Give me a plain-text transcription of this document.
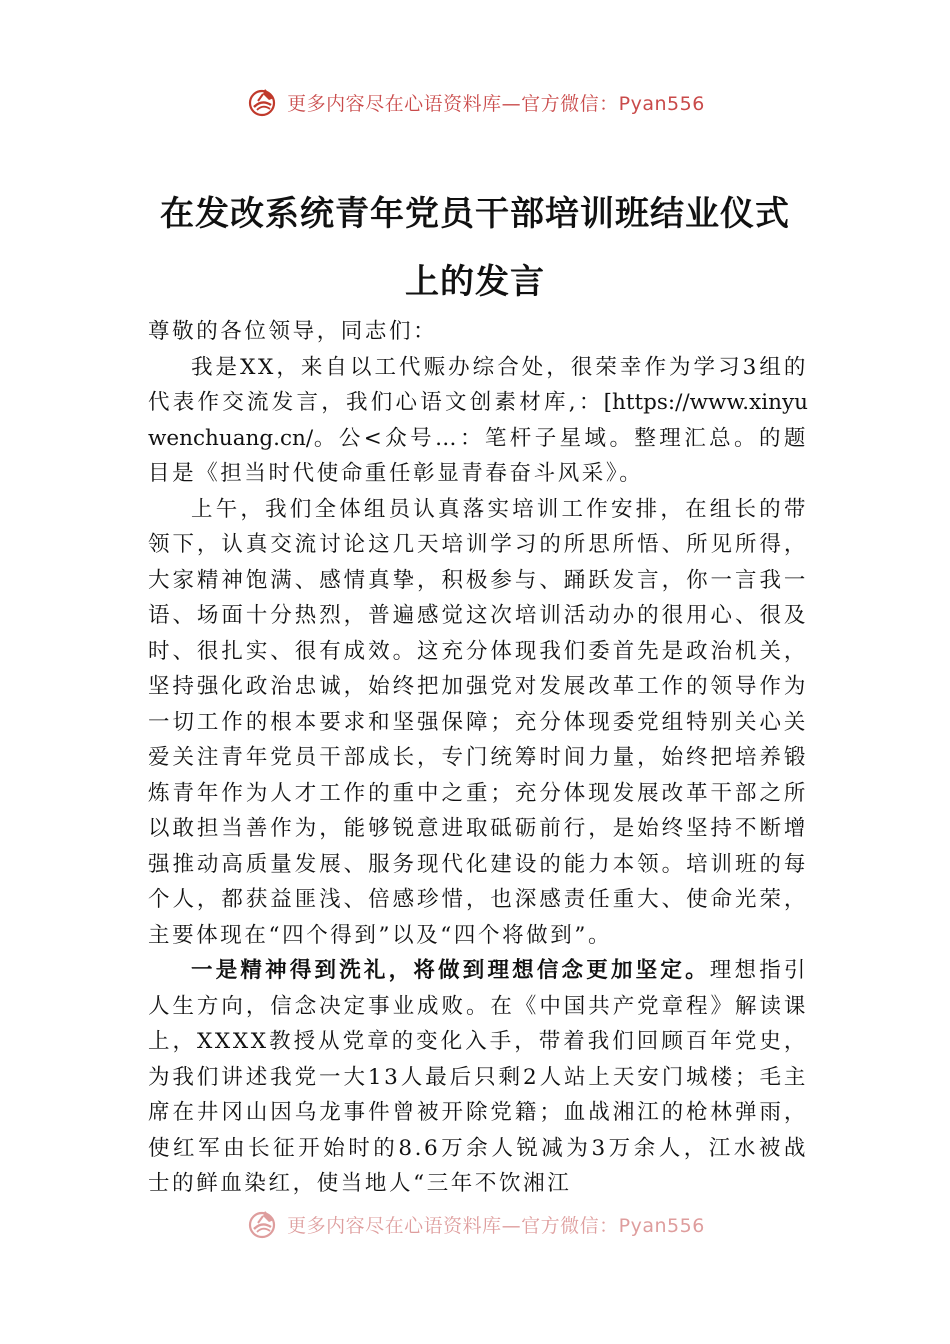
更多内容尽在心语资料库—官方微信：Pyan556
在发改系统青年党员干部培训班结业仪式
上的发言

尊敬的各位领导，同志们：

我是XX，来自以工代赈办综合处，很荣幸作为学习3组的代表作交流发言，我们心语文创素材库,：[https://www.xinyuwenchuang.cn/。公<众号…：笔杆子星域。整理汇总。的题目是《担当时代使命重任彰显青春奋斗风采》。

上午，我们全体组员认真落实培训工作安排，在组长的带领下，认真交流讨论这几天培训学习的所思所悟、所见所得，大家精神饱满、感情真挚，积极参与、踊跃发言，你一言我一语、场面十分热烈，普遍感觉这次培训活动办的很用心、很及时、很扎实、很有成效。这充分体现我们委首先是政治机关，坚持强化政治忠诚，始终把加强党对发展改革工作的领导作为一切工作的根本要求和坚强保障；充分体现委党组特别关心关爱关注青年党员干部成长，专门统筹时间力量，始终把培养锻炼青年作为人才工作的重中之重；充分体现发展改革干部之所以敢担当善作为，能够锐意进取砥砺前行，是始终坚持不断增强推动高质量发展、服务现代化建设的能力本领。培训班的每个人，都获益匪浅、倍感珍惜，也深感责任重大、使命光荣，主要体现在“四个得到”以及“四个将做到”。

一是精神得到洗礼，将做到理想信念更加坚定。理想指引人生方向，信念决定事业成败。在《中国共产党章程》解读课上，XXXX教授从党章的变化入手，带着我们回顾百年党史，为我们讲述我党一大13人最后只剩2人站上天安门城楼；毛主席在井冈山因乌龙事件曾被开除党籍；血战湘江的枪林弹雨，使红军由长征开始时的8.6万余人锐减为3万余人，江水被战士的鲜血染红，使当地人“三年不饮湘江

更多内容尽在心语资料库—官方微信：Pyan556
